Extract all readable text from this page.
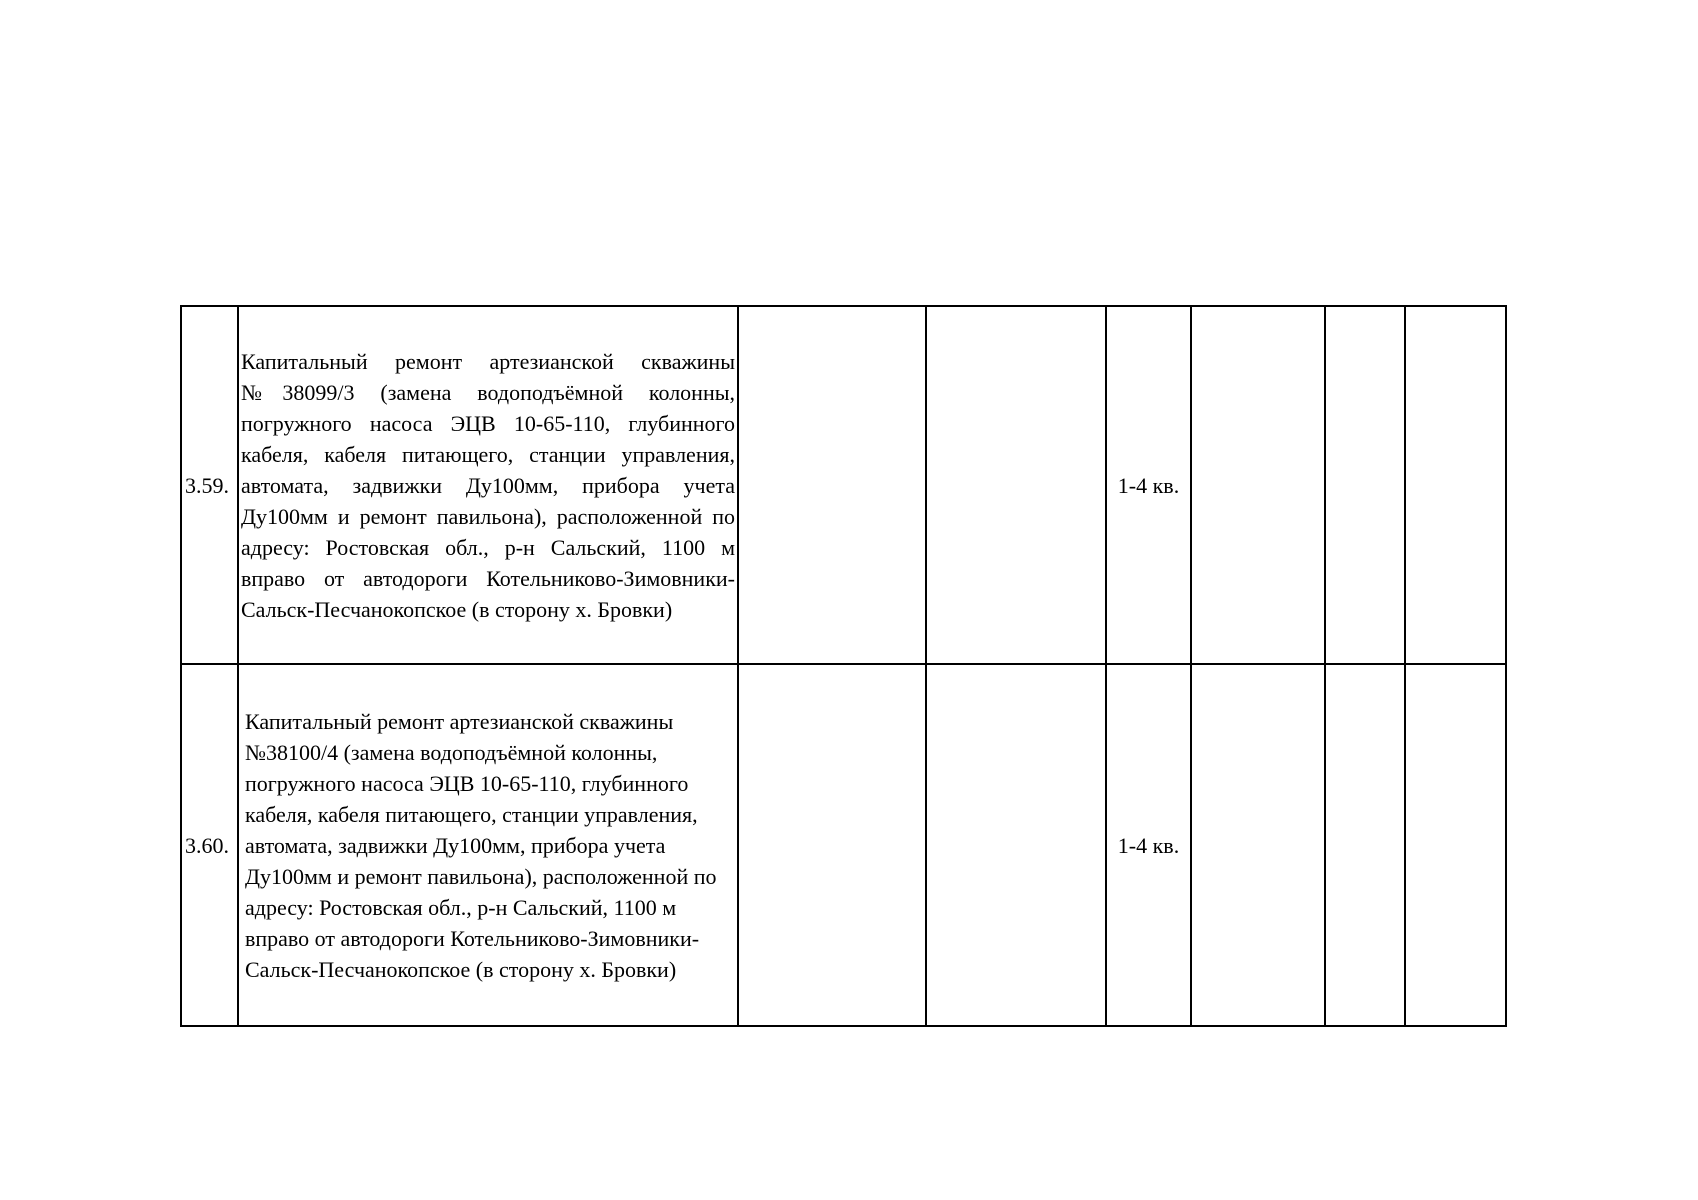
3.59.	Капитальный ремонт артезианской скважины №38099/3 (замена водоподъёмной колонны, погружного насоса ЭЦВ 10-65-110, глубинного кабеля, кабеля питающего, станции управления, автомата, задвижки Ду100мм, прибора учета Ду100мм и ремонт павильона), расположенной по адресу: Ростовская обл., р-н Сальский, 1100 м вправо от автодороги Котельниково-Зимовники-Сальск-Песчанокопское (в сторону х. Бровки)			1-4 кв.			
3.60.	Капитальный ремонт артезианской скважины №38100/4 (замена водоподъёмной колонны, погружного насоса ЭЦВ 10-65-110, глубинного кабеля, кабеля питающего, станции управления, автомата, задвижки Ду100мм, прибора учета Ду100мм и ремонт павильона), расположенной по адресу: Ростовская обл., р-н Сальский, 1100 м вправо от автодороги Котельниково-Зимовники-Сальск-Песчанокопское (в сторону х. Бровки)			1-4 кв.			
